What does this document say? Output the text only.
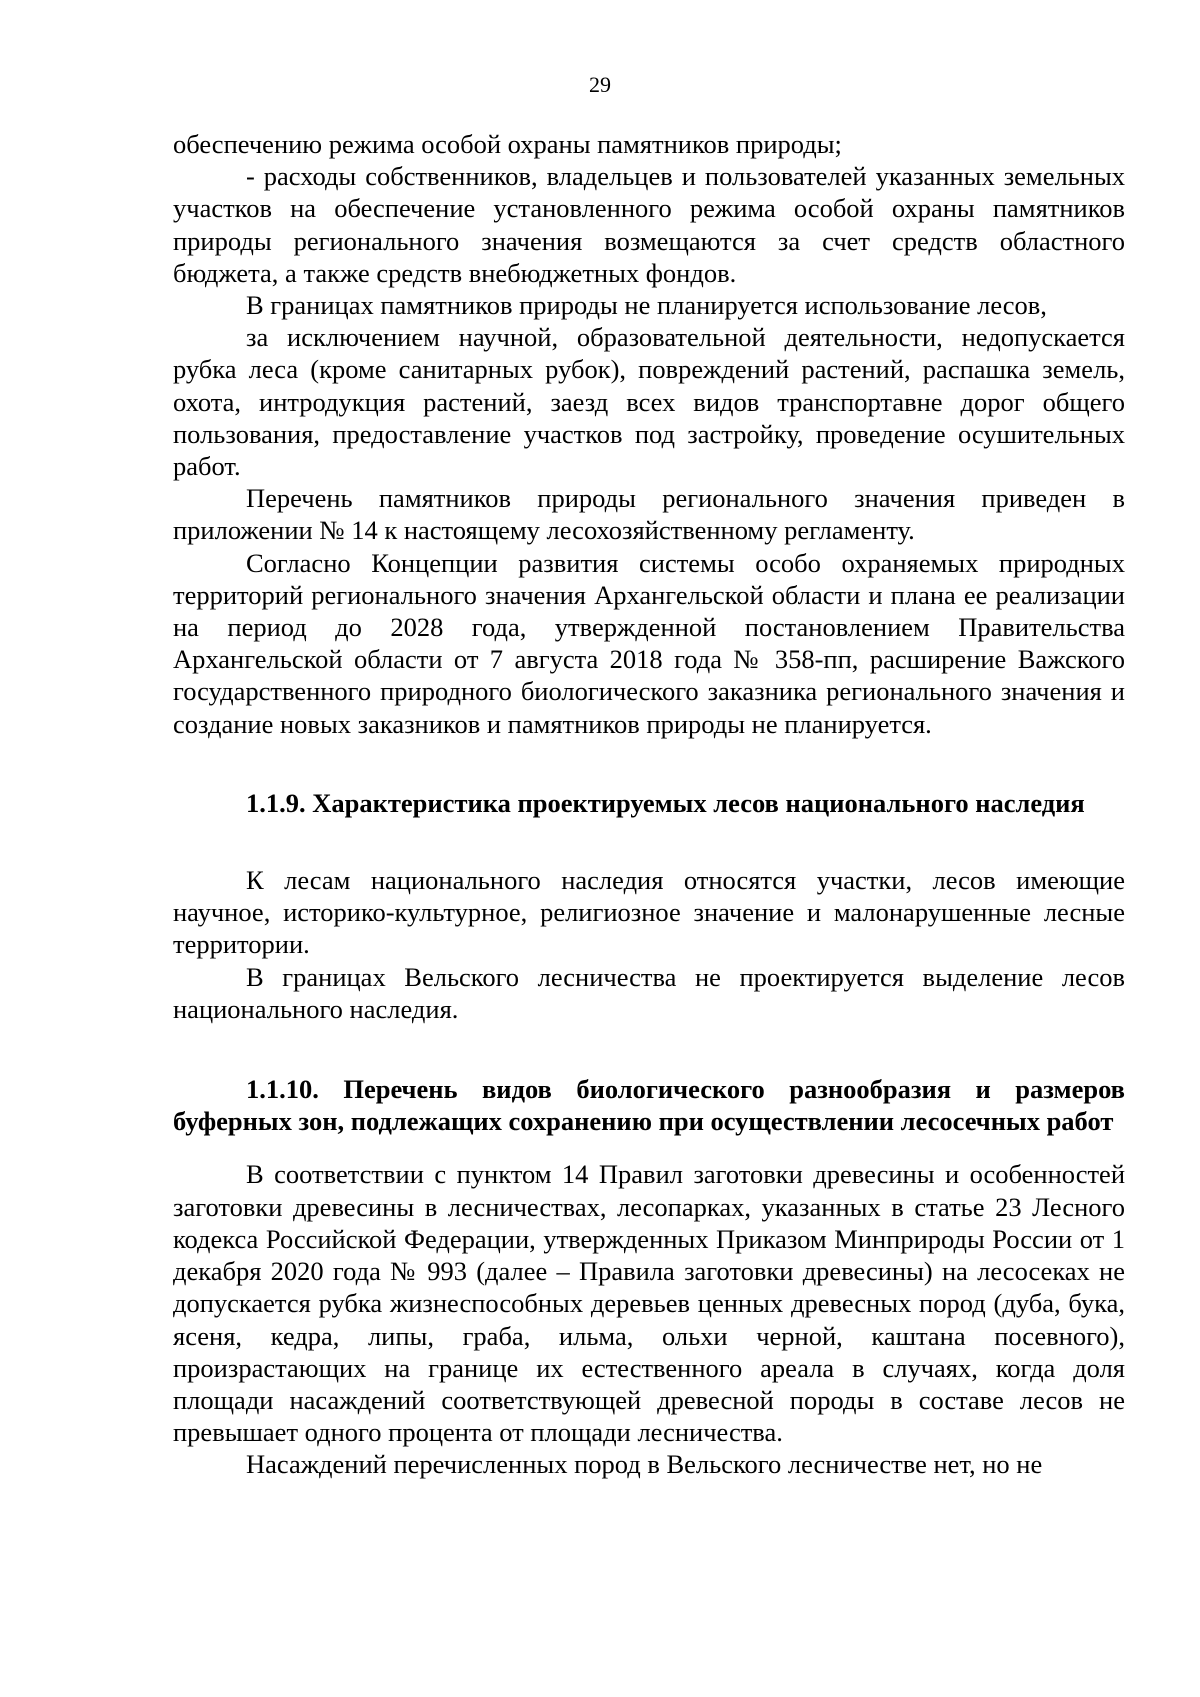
29

обеспечению режима особой охраны памятников природы;

- расходы собственников, владельцев и пользователей указанных земельных участков на обеспечение установленного режима особой охраны памятников природы регионального значения возмещаются за счет средств областного бюджета, а также средств внебюджетных фондов.

В границах памятников природы не планируется использование лесов,

за исключением научной, образовательной деятельности, недопускается рубка леса (кроме санитарных рубок), повреждений растений, распашка земель, охота, интродукция растений, заезд всех видов транспортавне дорог общего пользования, предоставление участков под застройку, проведение осушительных работ.

Перечень памятников природы регионального значения приведен в приложении № 14 к настоящему лесохозяйственному регламенту.

Согласно Концепции развития системы особо охраняемых природных территорий регионального значения Архангельской области и плана ее реализации на период до 2028 года, утвержденной постановлением Правительства Архангельской области от 7 августа 2018 года № 358-пп, расширение Важского государственного природного биологического заказника регионального значения и создание новых заказников и памятников природы не планируется.

1.1.9. Характеристика проектируемых лесов национального наследия

К лесам национального наследия относятся участки, лесов имеющие научное, историко-культурное, религиозное значение и малонарушенные лесные территории.

В границах Вельского лесничества не проектируется выделение лесов национального наследия.

1.1.10. Перечень видов биологического разнообразия и размеров буферных зон, подлежащих сохранению при осуществлении лесосечных работ

В соответствии с пунктом 14 Правил заготовки древесины и особенностей заготовки древесины в лесничествах, лесопарках, указанных в статье 23 Лесного кодекса Российской Федерации, утвержденных Приказом Минприроды России от 1 декабря 2020 года № 993 (далее – Правила заготовки древесины) на лесосеках не допускается рубка жизнеспособных деревьев ценных древесных пород (дуба, бука, ясеня, кедра, липы, граба, ильма, ольхи черной, каштана посевного), произрастающих на границе их естественного ареала в случаях, когда доля площади насаждений соответствующей древесной породы в составе лесов не превышает одного процента от площади лесничества.

Насаждений перечисленных пород в Вельского лесничестве нет, но не
